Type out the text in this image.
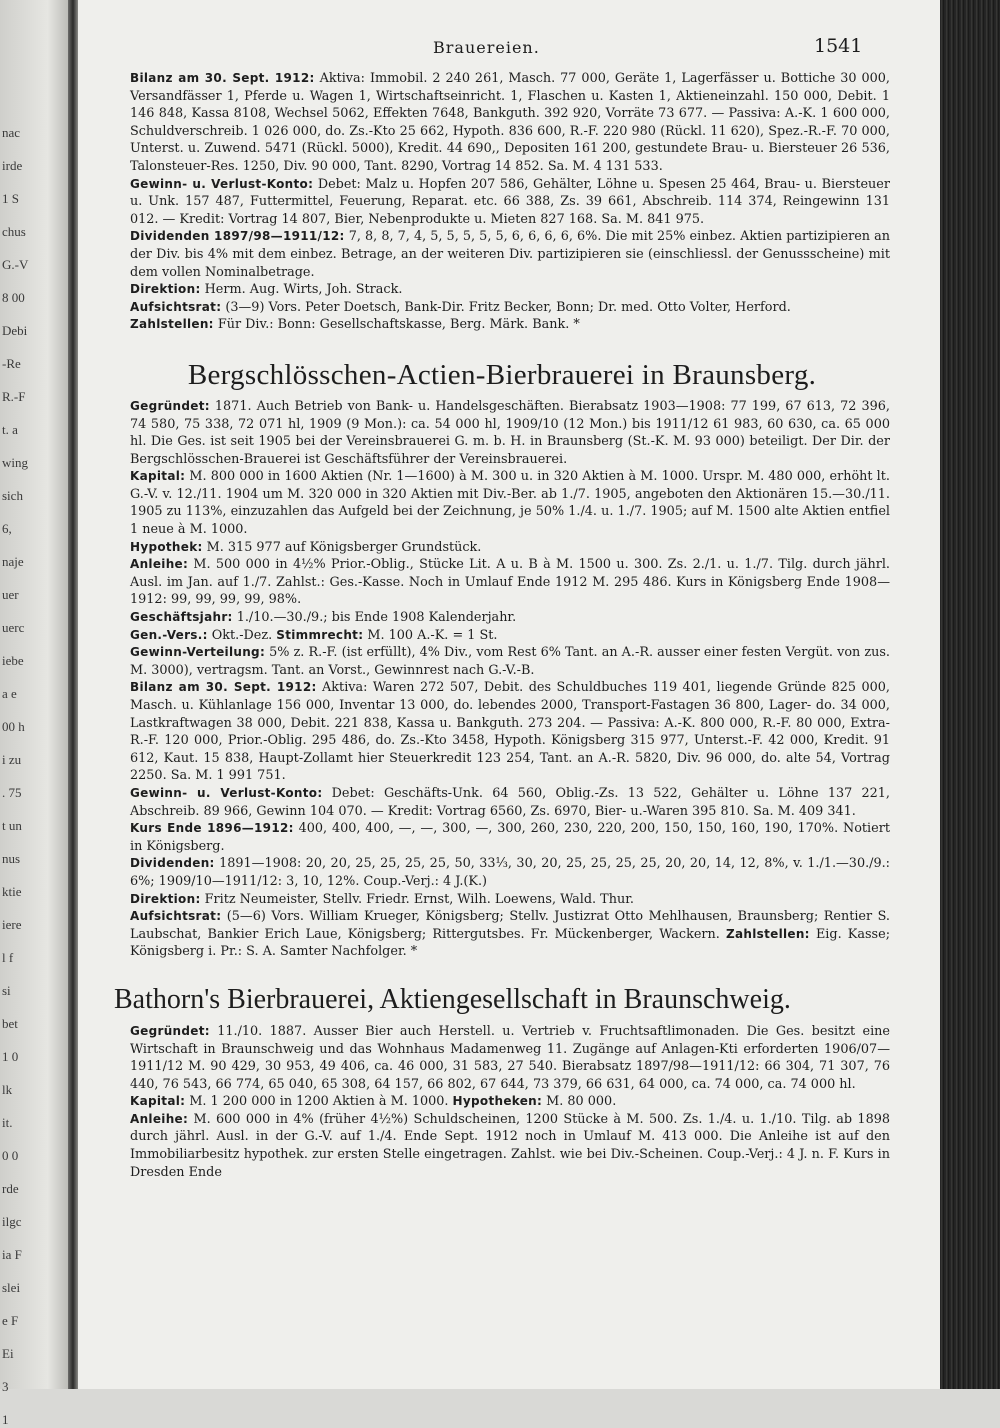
nac
irde
1 S
chus
G.-V
8 00
Debi
-Re
R.-F
t. a
wing
sich
6,
naje
uer
uerc
iebe
a e
00 h
i zu
. 75
t un
nus
ktie
iere
l f
si
bet
1 0
lk
it.
0 0
rde
ilgc
ia F
slei
e F
Ei
3
1
Brauereien.	1541

Bilanz am 30. Sept. 1912: Aktiva: Immobil. 2 240 261, Masch. 77 000, Geräte 1, Lagerfässer u. Bottiche 30 000, Versandfässer 1, Pferde u. Wagen 1, Wirtschaftseinricht. 1, Flaschen u. Kasten 1, Aktieneinzahl. 150 000, Debit. 1 146 848, Kassa 8108, Wechsel 5062, Effekten 7648, Bankguth. 392 920, Vorräte 73 677. — Passiva: A.-K. 1 600 000, Schuldverschreib. 1 026 000, do. Zs.-Kto 25 662, Hypoth. 836 600, R.-F. 220 980 (Rückl. 11 620), Spez.-R.-F. 70 000, Unterst. u. Zuwend. 5471 (Rückl. 5000), Kredit. 44 690,, Depositen 161 200, gestundete Brau- u. Biersteuer 26 536, Talonsteuer-Res. 1250, Div. 90 000, Tant. 8290, Vortrag 14 852. Sa. M. 4 131 533.

Gewinn- u. Verlust-Konto: Debet: Malz u. Hopfen 207 586, Gehälter, Löhne u. Spesen 25 464, Brau- u. Biersteuer u. Unk. 157 487, Futtermittel, Feuerung, Reparat. etc. 66 388, Zs. 39 661, Abschreib. 114 374, Reingewinn 131 012. — Kredit: Vortrag 14 807, Bier, Nebenprodukte u. Mieten 827 168. Sa. M. 841 975.

Dividenden 1897/98—1911/12: 7, 8, 8, 7, 4, 5, 5, 5, 5, 5, 6, 6, 6, 6, 6%. Die mit 25% einbez. Aktien partizipieren an der Div. bis 4% mit dem einbez. Betrage, an der weiteren Div. partizipieren sie (einschliessl. der Genussscheine) mit dem vollen Nominalbetrage.

Direktion: Herm. Aug. Wirts, Joh. Strack.

Aufsichtsrat: (3—9) Vors. Peter Doetsch, Bank-Dir. Fritz Becker, Bonn; Dr. med. Otto Volter, Herford.

Zahlstellen: Für Div.: Bonn: Gesellschaftskasse, Berg. Märk. Bank. *

Bergschlösschen-Actien-Bierbrauerei in Braunsberg.

Gegründet: 1871. Auch Betrieb von Bank- u. Handelsgeschäften. Bierabsatz 1903—1908: 77 199, 67 613, 72 396, 74 580, 75 338, 72 071 hl, 1909 (9 Mon.): ca. 54 000 hl, 1909/10 (12 Mon.) bis 1911/12 61 983, 60 630, ca. 65 000 hl. Die Ges. ist seit 1905 bei der Vereinsbrauerei G. m. b. H. in Braunsberg (St.-K. M. 93 000) beteiligt. Der Dir. der Bergschlösschen-Brauerei ist Geschäftsführer der Vereinsbrauerei.

Kapital: M. 800 000 in 1600 Aktien (Nr. 1—1600) à M. 300 u. in 320 Aktien à M. 1000. Urspr. M. 480 000, erhöht lt. G.-V. v. 12./11. 1904 um M. 320 000 in 320 Aktien mit Div.-Ber. ab 1./7. 1905, angeboten den Aktionären 15.—30./11. 1905 zu 113%, einzuzahlen das Aufgeld bei der Zeichnung, je 50% 1./4. u. 1./7. 1905; auf M. 1500 alte Aktien entfiel 1 neue à M. 1000.

Hypothek: M. 315 977 auf Königsberger Grundstück.

Anleihe: M. 500 000 in 4½% Prior.-Oblig., Stücke Lit. A u. B à M. 1500 u. 300. Zs. 2./1. u. 1./7. Tilg. durch jährl. Ausl. im Jan. auf 1./7. Zahlst.: Ges.-Kasse. Noch in Umlauf Ende 1912 M. 295 486. Kurs in Königsberg Ende 1908—1912: 99, 99, 99, 99, 98%.

Geschäftsjahr: 1./10.—30./9.; bis Ende 1908 Kalenderjahr.

Gen.-Vers.: Okt.-Dez. Stimmrecht: M. 100 A.-K. = 1 St.

Gewinn-Verteilung: 5% z. R.-F. (ist erfüllt), 4% Div., vom Rest 6% Tant. an A.-R. ausser einer festen Vergüt. von zus. M. 3000), vertragsm. Tant. an Vorst., Gewinnrest nach G.-V.-B.

Bilanz am 30. Sept. 1912: Aktiva: Waren 272 507, Debit. des Schuldbuches 119 401, liegende Gründe 825 000, Masch. u. Kühlanlage 156 000, Inventar 13 000, do. lebendes 2000, Transport-Fastagen 36 800, Lager- do. 34 000, Lastkraftwagen 38 000, Debit. 221 838, Kassa u. Bankguth. 273 204. — Passiva: A.-K. 800 000, R.-F. 80 000, Extra-R.-F. 120 000, Prior.-Oblig. 295 486, do. Zs.-Kto 3458, Hypoth. Königsberg 315 977, Unterst.-F. 42 000, Kredit. 91 612, Kaut. 15 838, Haupt-Zollamt hier Steuerkredit 123 254, Tant. an A.-R. 5820, Div. 96 000, do. alte 54, Vortrag 2250. Sa. M. 1 991 751.

Gewinn- u. Verlust-Konto: Debet: Geschäfts-Unk. 64 560, Oblig.-Zs. 13 522, Gehälter u. Löhne 137 221, Abschreib. 89 966, Gewinn 104 070. — Kredit: Vortrag 6560, Zs. 6970, Bier- u.-Waren 395 810. Sa. M. 409 341.

Kurs Ende 1896—1912: 400, 400, 400, —, —, 300, —, 300, 260, 230, 220, 200, 150, 150, 160, 190, 170%. Notiert in Königsberg.

Dividenden: 1891—1908: 20, 20, 25, 25, 25, 25, 50, 33⅓, 30, 20, 25, 25, 25, 25, 20, 20, 14, 12, 8%, v. 1./1.—30./9.: 6%; 1909/10—1911/12: 3, 10, 12%. Coup.-Verj.: 4 J.(K.)

Direktion: Fritz Neumeister, Stellv. Friedr. Ernst, Wilh. Loewens, Wald. Thur.

Aufsichtsrat: (5—6) Vors. William Krueger, Königsberg; Stellv. Justizrat Otto Mehlhausen, Braunsberg; Rentier S. Laubschat, Bankier Erich Laue, Königsberg; Rittergutsbes. Fr. Mückenberger, Wackern. Zahlstellen: Eig. Kasse; Königsberg i. Pr.: S. A. Samter Nachfolger. *

Bathorn's Bierbrauerei, Aktiengesellschaft in Braunschweig.

Gegründet: 11./10. 1887. Ausser Bier auch Herstell. u. Vertrieb v. Fruchtsaftlimonaden. Die Ges. besitzt eine Wirtschaft in Braunschweig und das Wohnhaus Madamenweg 11. Zugänge auf Anlagen-Kti erforderten 1906/07—1911/12 M. 90 429, 30 953, 49 406, ca. 46 000, 31 583, 27 540. Bierabsatz 1897/98—1911/12: 66 304, 71 307, 76 440, 76 543, 66 774, 65 040, 65 308, 64 157, 66 802, 67 644, 73 379, 66 631, 64 000, ca. 74 000, ca. 74 000 hl.

Kapital: M. 1 200 000 in 1200 Aktien à M. 1000. Hypotheken: M. 80 000.

Anleihe: M. 600 000 in 4% (früher 4½%) Schuldscheinen, 1200 Stücke à M. 500. Zs. 1./4. u. 1./10. Tilg. ab 1898 durch jährl. Ausl. in der G.-V. auf 1./4. Ende Sept. 1912 noch in Umlauf M. 413 000. Die Anleihe ist auf den Immobiliarbesitz hypothek. zur ersten Stelle eingetragen. Zahlst. wie bei Div.-Scheinen. Coup.-Verj.: 4 J. n. F. Kurs in Dresden Ende
